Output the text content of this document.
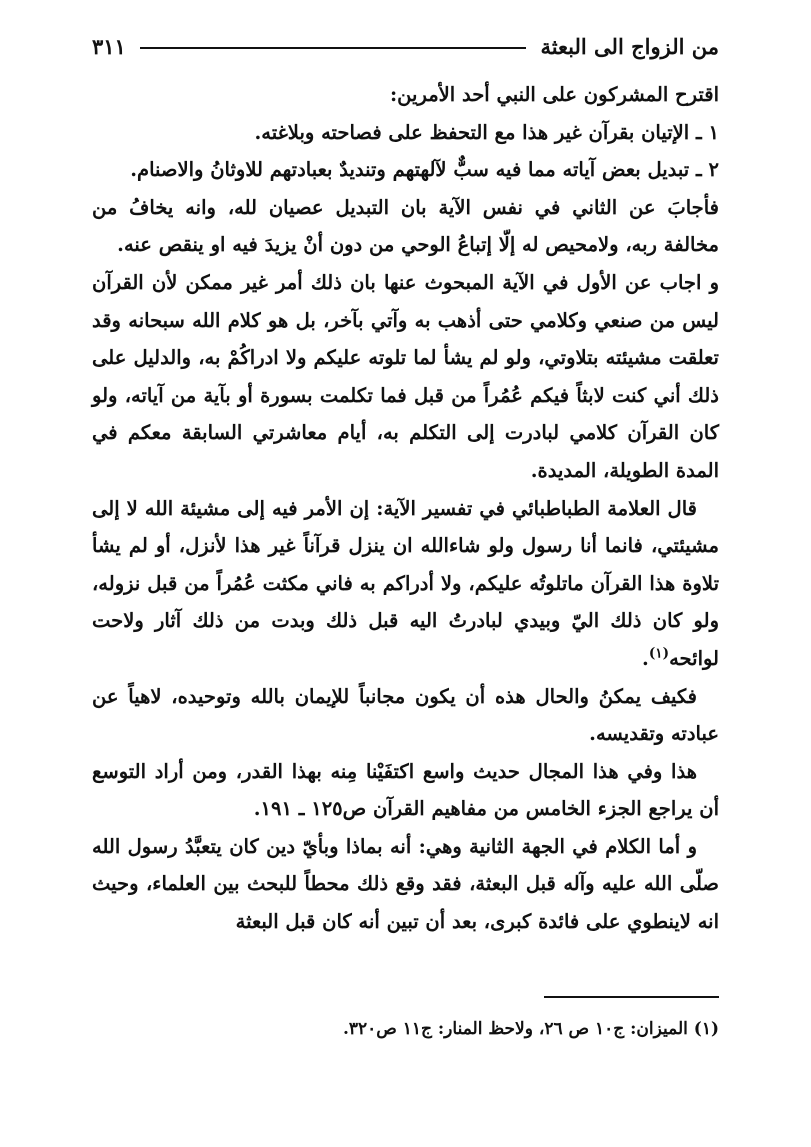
من الزواج الى البعثة
٣١١

اقترح المشركون على النبي أحد الأمرين:

١ ـ الإتيان بقرآن غير هذا مع التحفظ على فصاحته وبلاغته.

٢ ـ تبديل بعض آياته مما فيه سبٌّ لآلهتهم وتنديدٌ بعبادتهم للاوثانُ والاصنام.

فأجابَ عن الثاني في نفس الآية بان التبديل عصيان لله، وانه يخافُ من مخالفة ربه، ولامحيص له إلّا إتباعُ الوحي من دون أنْ يزيدَ فيه او ينقص عنه.

و اجاب عن الأول في الآية المبحوث عنها بان ذلك أمر غير ممكن لأن القرآن ليس من صنعي وكلامي حتى أذهب به وآتي بآخر، بل هو كلام الله سبحانه وقد تعلقت مشيئته بتلاوتي، ولو لم يشأ لما تلوته عليكم ولا ادراكُمْ به، والدليل على ذلك أني كنت لابثاً فيكم عُمُراً من قبل فما تكلمت بسورة أو بآية من آياته، ولو كان القرآن كلامي لبادرت إلى التكلم به، أيام معاشرتي السابقة معكم في المدة الطويلة، المديدة.

قال العلامة الطباطبائي في تفسير الآية: إن الأمر فيه إلى مشيئة الله لا إلى مشيئتي، فانما أنا رسول ولو شاءالله ان ينزل قرآناً غير هذا لأنزل، أو لم يشأ تلاوة هذا القرآن ماتلوتُه عليكم، ولا أدراكم به فاني مكثت عُمُراً من قبل نزوله، ولو كان ذلك اليّ وبيدي لبادرتُ اليه قبل ذلك وبدت من ذلك آثار ولاحت لوائحه$^{(١)}$.

فكيف يمكنُ والحال هذه أن يكون مجانباً للإيمان بالله وتوحيده، لاهياً عن عبادته وتقديسه.

هذا وفي هذا المجال حديث واسع اكتفَيْنا مِنه بهذا القدر، ومن أراد التوسع أن يراجع الجزء الخامس من مفاهيم القرآن ص١٢٥ ـ ١٩١.

و أما الكلام في الجهة الثانية وهي: أنه بماذا وبأيّ دين كان يتعبَّدُ رسول الله صلّى الله عليه وآله قبل البعثة، فقد وقع ذلك محطاً للبحث بين العلماء، وحيث انه لاينطوي على فائدة كبرى، بعد أن تبين أنه كان قبل البعثة

(١) الميزان: ج١٠ ص ٢٦، ولاحظ المنار: ج١١ ص٣٢٠.
